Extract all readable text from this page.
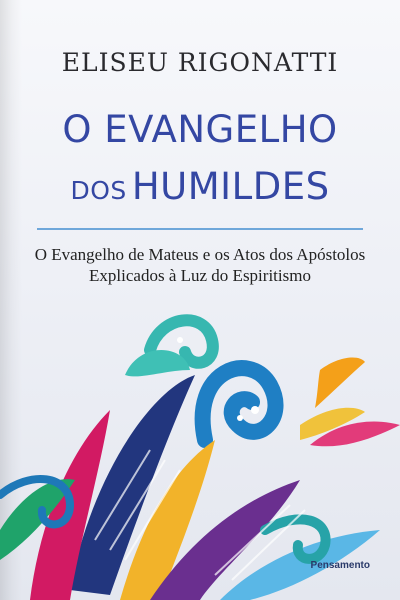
ELISEU RIGONATTI
O EVANGELHO
DOS HUMILDES
O Evangelho de Mateus e os Atos dos Apóstolos
Explicados à Luz do Espiritismo
Pensamento
